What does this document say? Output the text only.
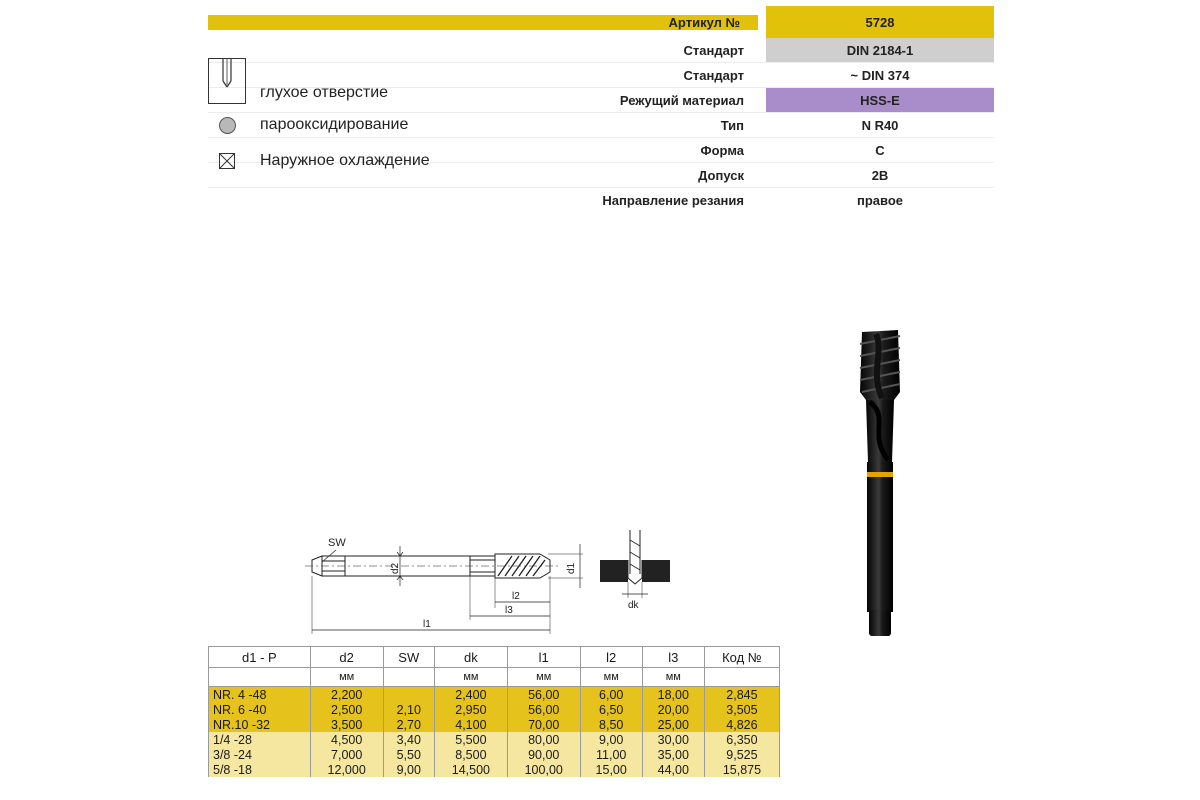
Артикул №	5728
Стандарт	DIN 2184-1
Стандарт	~ DIN 374
Режущий материал	HSS-E
Тип	N R40
Форма	C
Допуск	2B
Направление резания	правое
глухое отверстие
парооксидирование
Наружное охлаждение
SW
d2	d1
l2
l3
l1
dk
d1 - P	d2	SW	dk	l1	l2	l3	Код №
	мм		мм	мм	мм	мм	
NR. 4 -48	2,200		2,400	56,00	6,00	18,00	2,845
NR. 6 -40	2,500	2,10	2,950	56,00	6,50	20,00	3,505
NR.10 -32	3,500	2,70	4,100	70,00	8,50	25,00	4,826
1/4 -28	4,500	3,40	5,500	80,00	9,00	30,00	6,350
3/8 -24	7,000	5,50	8,500	90,00	11,00	35,00	9,525
5/8 -18	12,000	9,00	14,500	100,00	15,00	44,00	15,875
